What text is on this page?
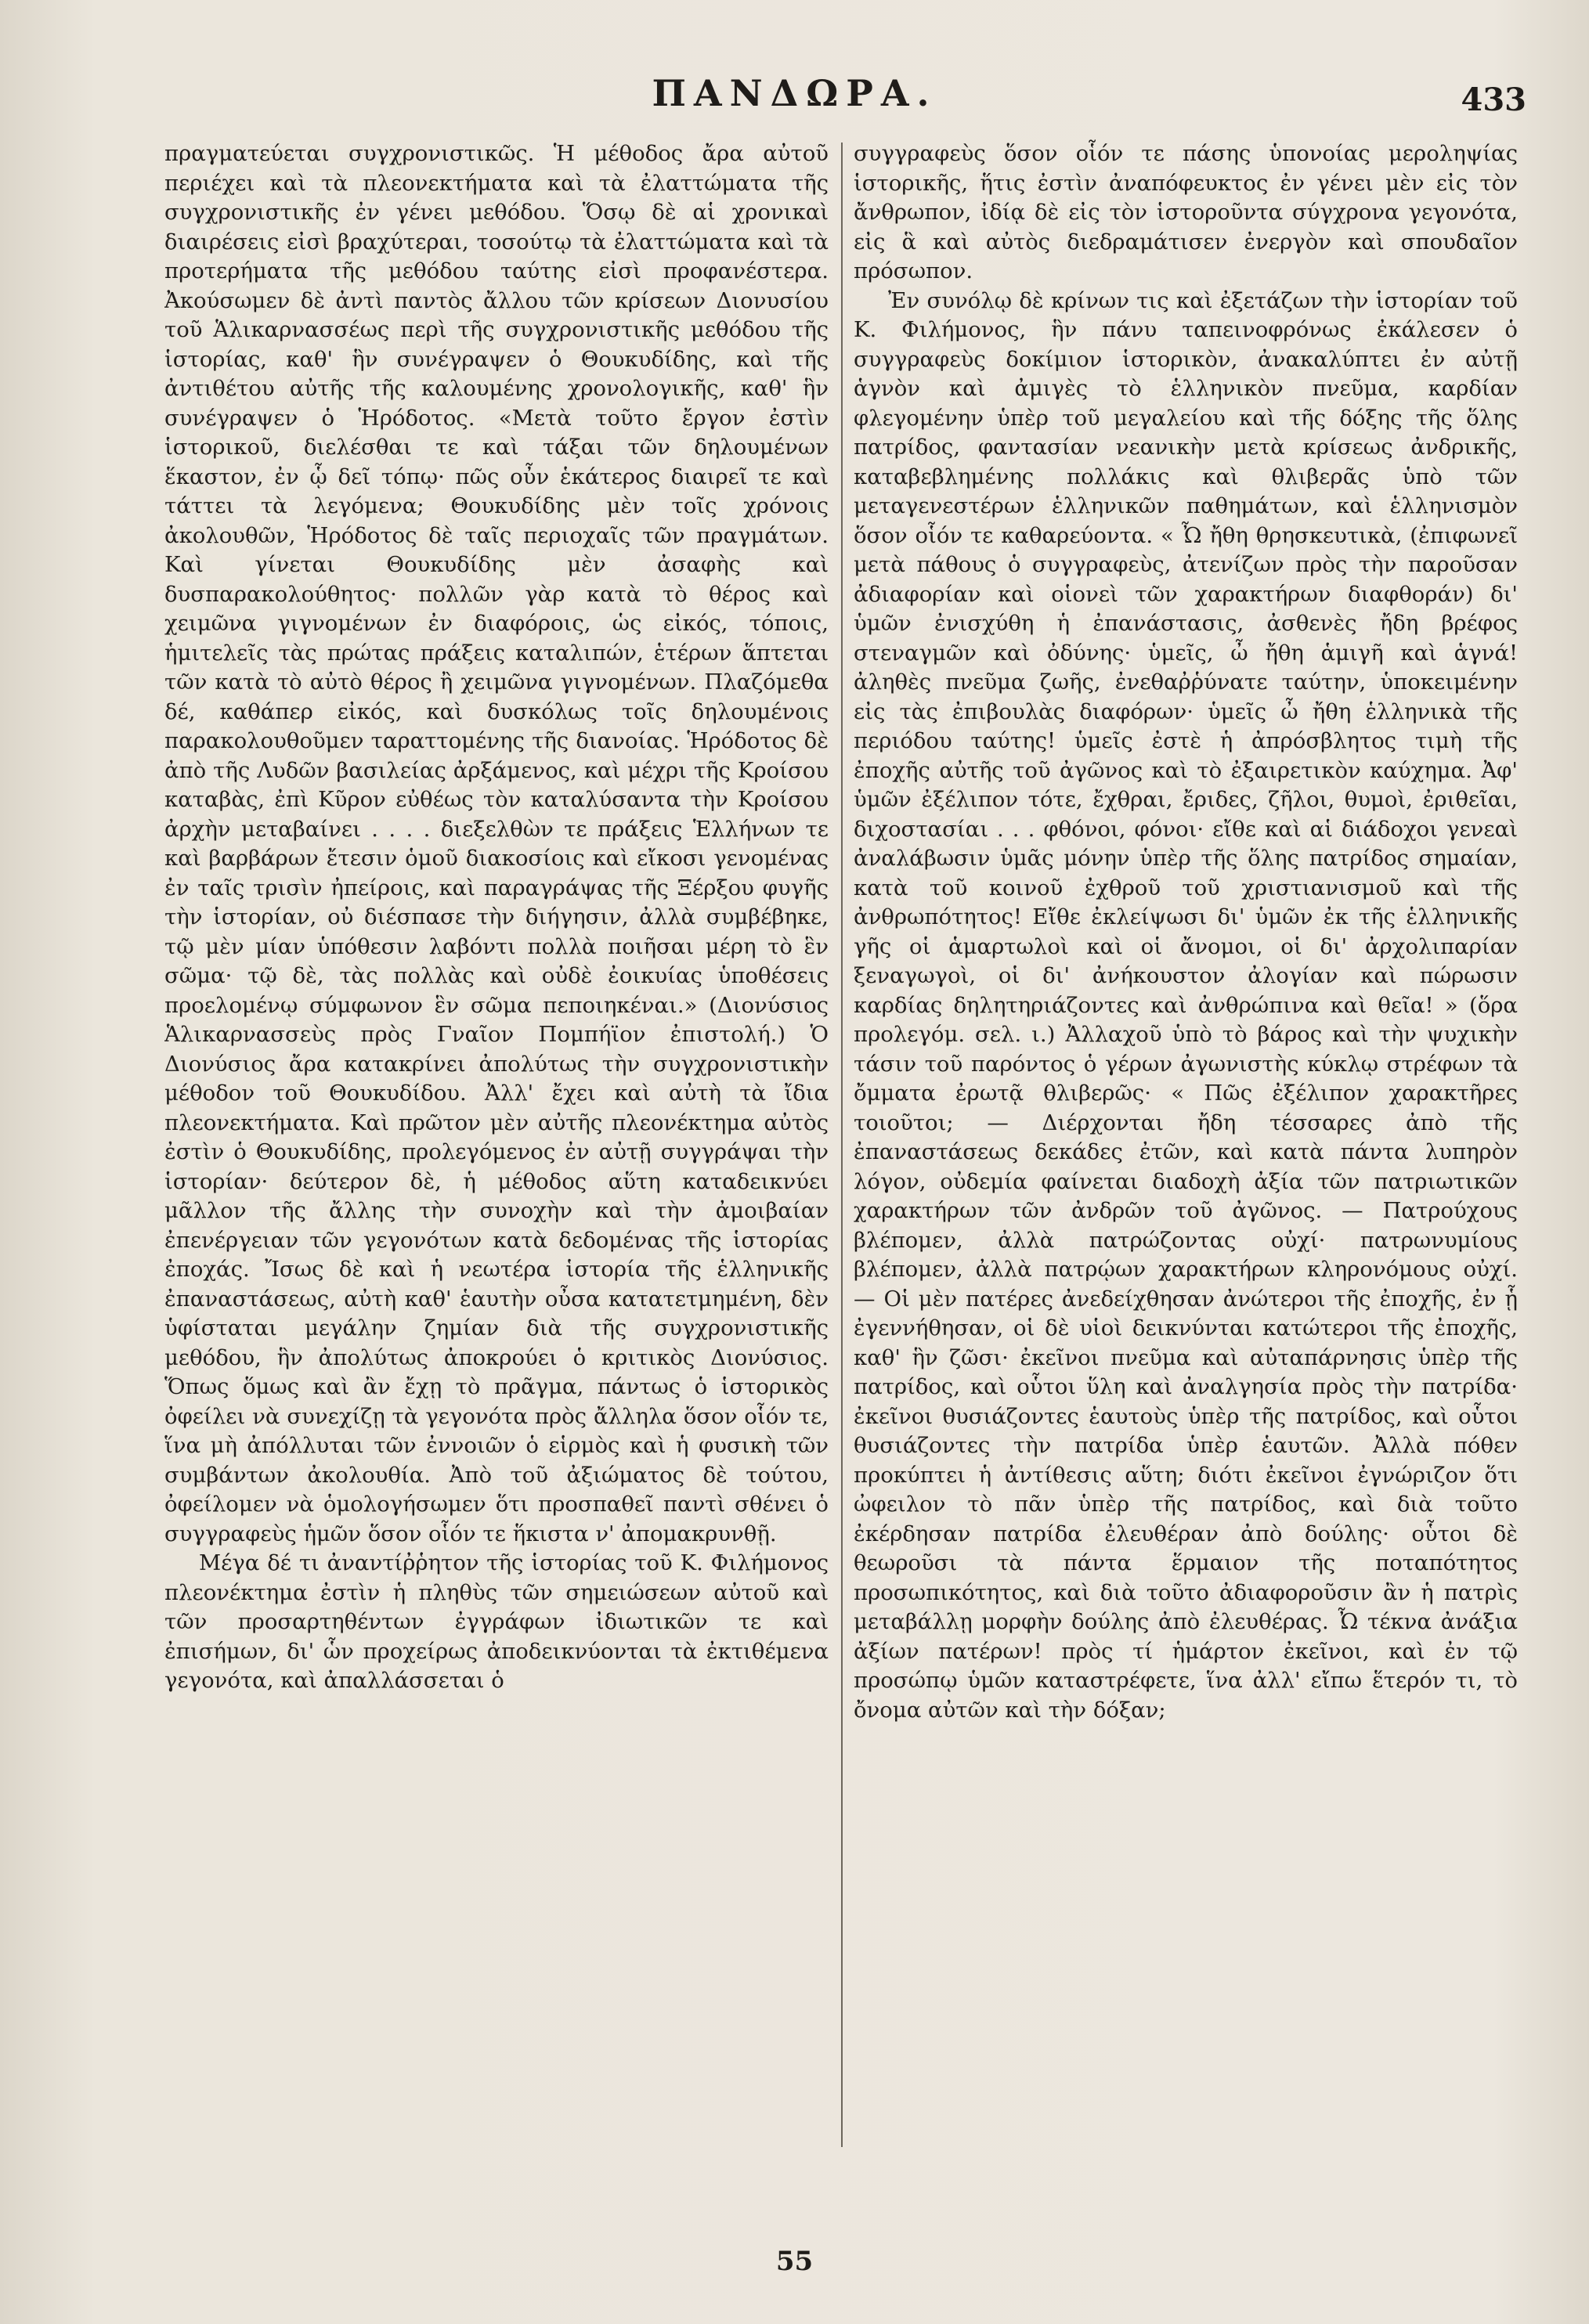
ΠΑΝΔΩΡΑ.	433

πραγματεύεται συγχρονιστικῶς. Ἡ μέθοδος ἄρα αὐτοῦ περιέχει καὶ τὰ πλεονεκτήματα καὶ τὰ ἐλαττώματα τῆς συγχρονιστικῆς ἐν γένει μεθόδου. Ὅσῳ δὲ αἱ χρονικαὶ διαιρέσεις εἰσὶ βραχύτεραι, τοσούτῳ τὰ ἐλαττώματα καὶ τὰ προτερήματα τῆς μεθόδου ταύτης εἰσὶ προφανέστερα. Ἀκούσωμεν δὲ ἀντὶ παντὸς ἄλλου τῶν κρίσεων Διονυσίου τοῦ Ἁλικαρνασσέως περὶ τῆς συγχρονιστικῆς μεθόδου τῆς ἱστορίας, καθ' ἣν συνέγραψεν ὁ Θουκυδίδης, καὶ τῆς ἀντιθέτου αὐτῆς τῆς καλουμένης χρονολογικῆς, καθ' ἣν συνέγραψεν ὁ Ἡρόδοτος. «Μετὰ τοῦτο ἔργον ἐστὶν ἱστορικοῦ, διελέσθαι τε καὶ τάξαι τῶν δηλουμένων ἕκαστον, ἐν ᾧ δεῖ τόπῳ· πῶς οὖν ἑκάτερος διαιρεῖ τε καὶ τάττει τὰ λεγόμενα; Θουκυδίδης μὲν τοῖς χρόνοις ἀκολουθῶν, Ἡρόδοτος δὲ ταῖς περιοχαῖς τῶν πραγμάτων. Καὶ γίνεται Θουκυδίδης μὲν ἀσαφὴς καὶ δυσπαρακολούθητος· πολλῶν γὰρ κατὰ τὸ θέρος καὶ χειμῶνα γιγνομένων ἐν διαφόροις, ὡς εἰκός, τόποις, ἡμιτελεῖς τὰς πρώτας πράξεις καταλιπών, ἑτέρων ἅπτεται τῶν κατὰ τὸ αὐτὸ θέρος ἢ χειμῶνα γιγνομένων. Πλαζόμεθα δέ, καθάπερ εἰκός, καὶ δυσκόλως τοῖς δηλουμένοις παρακολουθοῦμεν ταραττομένης τῆς διανοίας. Ἡρόδοτος δὲ ἀπὸ τῆς Λυδῶν βασιλείας ἀρξάμενος, καὶ μέχρι τῆς Κροίσου καταβὰς, ἐπὶ Κῦρον εὐθέως τὸν καταλύσαντα τὴν Κροίσου ἀρχὴν μεταβαίνει . . . . διεξελθὼν τε πράξεις Ἑλλήνων τε καὶ βαρβάρων ἔτεσιν ὁμοῦ διακοσίοις καὶ εἴκοσι γενομένας ἐν ταῖς τρισὶν ἠπείροις, καὶ παραγράψας τῆς Ξέρξου φυγῆς τὴν ἱστορίαν, οὐ διέσπασε τὴν διήγησιν, ἀλλὰ συμβέβηκε, τῷ μὲν μίαν ὑπόθεσιν λαβόντι πολλὰ ποιῆσαι μέρη τὸ ἓν σῶμα· τῷ δὲ, τὰς πολλὰς καὶ οὐδὲ ἐοικυίας ὑποθέσεις προελομένῳ σύμφωνον ἓν σῶμα πεποιηκέναι.» (Διονύσιος Ἁλικαρνασσεὺς πρὸς Γναῖον Πομπήϊον ἐπιστολή.) Ὁ Διονύσιος ἄρα κατακρίνει ἀπολύτως τὴν συγχρονιστικὴν μέθοδον τοῦ Θουκυδίδου. Ἀλλ' ἔχει καὶ αὐτὴ τὰ ἴδια πλεονεκτήματα. Καὶ πρῶτον μὲν αὐτῆς πλεονέκτημα αὐτὸς ἐστὶν ὁ Θουκυδίδης, προλεγόμενος ἐν αὐτῇ συγγράψαι τὴν ἱστορίαν· δεύτερον δὲ, ἡ μέθοδος αὕτη καταδεικνύει μᾶλλον τῆς ἄλλης τὴν συνοχὴν καὶ τὴν ἀμοιβαίαν ἐπενέργειαν τῶν γεγονότων κατὰ δεδομένας τῆς ἱστορίας ἐποχάς. Ἴσως δὲ καὶ ἡ νεωτέρα ἱστορία τῆς ἑλληνικῆς ἐπαναστάσεως, αὐτὴ καθ' ἑαυτὴν οὖσα κατατετμημένη, δὲν ὑφίσταται μεγάλην ζημίαν διὰ τῆς συγχρονιστικῆς μεθόδου, ἣν ἀπολύτως ἀποκρούει ὁ κριτικὸς Διονύσιος. Ὅπως ὅμως καὶ ἂν ἔχῃ τὸ πρᾶγμα, πάντως ὁ ἱστορικὸς ὀφείλει νὰ συνεχίζῃ τὰ γεγονότα πρὸς ἄλληλα ὅσον οἷόν τε, ἵνα μὴ ἀπόλλυται τῶν ἐννοιῶν ὁ εἱρμὸς καὶ ἡ φυσικὴ τῶν συμβάντων ἀκολουθία. Ἀπὸ τοῦ ἀξιώματος δὲ τούτου, ὀφείλομεν νὰ ὁμολογήσωμεν ὅτι προσπαθεῖ παντὶ σθένει ὁ συγγραφεὺς ἡμῶν ὅσον οἷόν τε ἥκιστα ν' ἀπομακρυνθῇ.

Μέγα δέ τι ἀναντίῤῥητον τῆς ἱστορίας τοῦ Κ. Φιλήμονος πλεονέκτημα ἐστὶν ἡ πληθὺς τῶν σημειώσεων αὐτοῦ καὶ τῶν προσαρτηθέντων ἐγγράφων ἰδιωτικῶν τε καὶ ἐπισήμων, δι' ὧν προχείρως ἀποδεικνύονται τὰ ἐκτιθέμενα γεγονότα, καὶ ἀπαλλάσσεται ὁ

συγγραφεὺς ὅσον οἷόν τε πάσης ὑπονοίας μεροληψίας ἱστορικῆς, ἥτις ἐστὶν ἀναπόφευκτος ἐν γένει μὲν εἰς τὸν ἄνθρωπον, ἰδίᾳ δὲ εἰς τὸν ἱστοροῦντα σύγχρονα γεγονότα, εἰς ἃ καὶ αὐτὸς διεδραμάτισεν ἐνεργὸν καὶ σπουδαῖον πρόσωπον.

Ἐν συνόλῳ δὲ κρίνων τις καὶ ἐξετάζων τὴν ἱστορίαν τοῦ Κ. Φιλήμονος, ἣν πάνυ ταπεινοφρόνως ἐκάλεσεν ὁ συγγραφεὺς δοκίμιον ἱστορικὸν, ἀνακαλύπτει ἐν αὐτῇ ἁγνὸν καὶ ἀμιγὲς τὸ ἑλληνικὸν πνεῦμα, καρδίαν φλεγομένην ὑπὲρ τοῦ μεγαλείου καὶ τῆς δόξης τῆς ὅλης πατρίδος, φαντασίαν νεανικὴν μετὰ κρίσεως ἀνδρικῆς, καταβεβλημένης πολλάκις καὶ θλιβερᾶς ὑπὸ τῶν μεταγενεστέρων ἑλληνικῶν παθημάτων, καὶ ἑλληνισμὸν ὅσον οἷόν τε καθαρεύοντα. « Ὦ ἤθη θρησκευτικὰ, (ἐπιφωνεῖ μετὰ πάθους ὁ συγγραφεὺς, ἀτενίζων πρὸς τὴν παροῦσαν ἀδιαφορίαν καὶ οἱονεὶ τῶν χαρακτήρων διαφθοράν) δι' ὑμῶν ἐνισχύθη ἡ ἐπανάστασις, ἀσθενὲς ἤδη βρέφος στεναγμῶν καὶ ὀδύνης· ὑμεῖς, ὦ ἤθη ἁμιγῆ καὶ ἁγνά! ἀληθὲς πνεῦμα ζωῆς, ἐνεθαῤῥύνατε ταύτην, ὑποκειμένην εἰς τὰς ἐπιβουλὰς διαφόρων· ὑμεῖς ὦ ἤθη ἑλληνικὰ τῆς περιόδου ταύτης! ὑμεῖς ἐστὲ ἡ ἀπρόσβλητος τιμὴ τῆς ἐποχῆς αὐτῆς τοῦ ἀγῶνος καὶ τὸ ἐξαιρετικὸν καύχημα. Ἀφ' ὑμῶν ἐξέλιπον τότε, ἔχθραι, ἔριδες, ζῆλοι, θυμοὶ, ἐριθεῖαι, διχοστασίαι . . . φθόνοι, φόνοι· εἴθε καὶ αἱ διάδοχοι γενεαὶ ἀναλάβωσιν ὑμᾶς μόνην ὑπὲρ τῆς ὅλης πατρίδος σημαίαν, κατὰ τοῦ κοινοῦ ἐχθροῦ τοῦ χριστιανισμοῦ καὶ τῆς ἀνθρωπότητος! Εἴθε ἐκλείψωσι δι' ὑμῶν ἐκ τῆς ἑλληνικῆς γῆς οἱ ἁμαρτωλοὶ καὶ οἱ ἄνομοι, οἱ δι' ἀρχολιπαρίαν ξεναγωγοὶ, οἱ δι' ἀνήκουστον ἀλογίαν καὶ πώρωσιν καρδίας δηλητηριάζοντες καὶ ἀνθρώπινα καὶ θεῖα! » (ὅρα προλεγόμ. σελ. ι.) Ἀλλαχοῦ ὑπὸ τὸ βάρος καὶ τὴν ψυχικὴν τάσιν τοῦ παρόντος ὁ γέρων ἀγωνιστὴς κύκλῳ στρέφων τὰ ὄμματα ἐρωτᾷ θλιβερῶς· « Πῶς ἐξέλιπον χαρακτῆρες τοιοῦτοι; — Διέρχονται ἤδη τέσσαρες ἀπὸ τῆς ἐπαναστάσεως δεκάδες ἐτῶν, καὶ κατὰ πάντα λυπηρὸν λόγον, οὐδεμία φαίνεται διαδοχὴ ἀξία τῶν πατριωτικῶν χαρακτήρων τῶν ἀνδρῶν τοῦ ἀγῶνος. — Πατρούχους βλέπομεν, ἀλλὰ πατρώζοντας οὐχί· πατρωνυμίους βλέπομεν, ἀλλὰ πατρῴων χαρακτήρων κληρονόμους οὐχί. — Οἱ μὲν πατέρες ἀνεδείχθησαν ἀνώτεροι τῆς ἐποχῆς, ἐν ᾗ ἐγεννήθησαν, οἱ δὲ υἱοὶ δεικνύνται κατώτεροι τῆς ἐποχῆς, καθ' ἣν ζῶσι· ἐκεῖνοι πνεῦμα καὶ αὐταπάρνησις ὑπὲρ τῆς πατρίδος, καὶ οὗτοι ὕλη καὶ ἀναλγησία πρὸς τὴν πατρίδα· ἐκεῖνοι θυσιάζοντες ἑαυτοὺς ὑπὲρ τῆς πατρίδος, καὶ οὗτοι θυσιάζοντες τὴν πατρίδα ὑπὲρ ἑαυτῶν. Ἀλλὰ πόθεν προκύπτει ἡ ἀντίθεσις αὕτη; διότι ἐκεῖνοι ἐγνώριζον ὅτι ὠφειλον τὸ πᾶν ὑπὲρ τῆς πατρίδος, καὶ διὰ τοῦτο ἐκέρδησαν πατρίδα ἐλευθέραν ἀπὸ δούλης· οὗτοι δὲ θεωροῦσι τὰ πάντα ἕρμαιον τῆς ποταπότητος προσωπικότητος, καὶ διὰ τοῦτο ἀδιαφοροῦσιν ἂν ἡ πατρὶς μεταβάλλῃ μορφὴν δούλης ἀπὸ ἐλευθέρας. Ὦ τέκνα ἀνάξια ἀξίων πατέρων! πρὸς τί ἡμάρτον ἐκεῖνοι, καὶ ἐν τῷ προσώπῳ ὑμῶν καταστρέφετε, ἵνα ἀλλ' εἴπω ἕτερόν τι, τὸ ὄνομα αὐτῶν καὶ τὴν δόξαν;

55
